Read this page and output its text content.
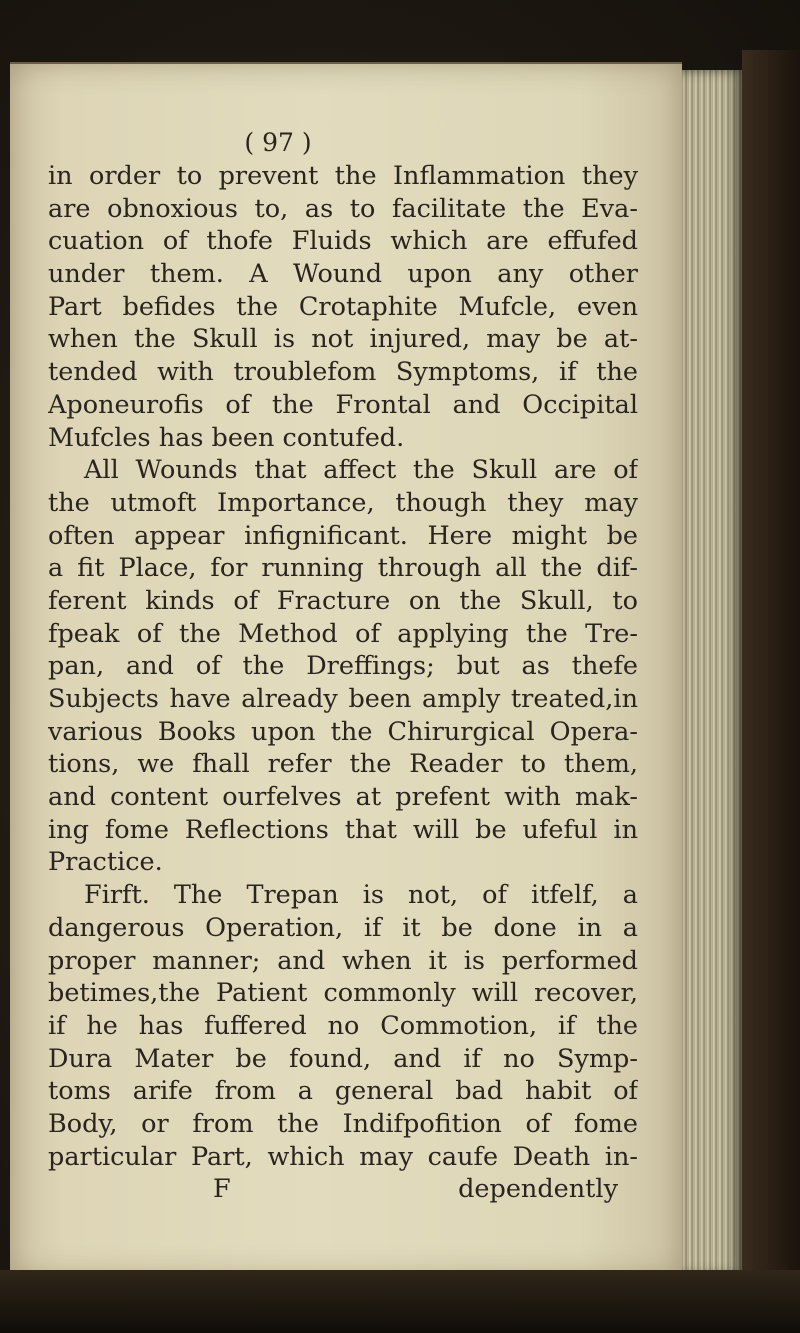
( 97 )
in order to prevent the Inflammation they
are obnoxious to, as to facilitate the Eva-
cuation of thofe Fluids which are effufed
under them. A Wound upon any other
Part befides the Crotaphite Mufcle, even
when the Skull is not injured, may be at-
tended with troublefom Symptoms, if the
Aponeurofis of the Frontal and Occipital
Mufcles has been contufed.
All Wounds that affect the Skull are of
the utmoft Importance, though they may
often appear infignificant. Here might be
a fit Place, for running through all the dif-
ferent kinds of Fracture on the Skull, to
fpeak of the Method of applying the Tre-
pan, and of the Dreffings; but as thefe
Subjects have already been amply treated,in
various Books upon the Chirurgical Opera-
tions, we fhall refer the Reader to them,
and content ourfelves at prefent with mak-
ing fome Reflections that will be ufeful in
Practice.
Firft. The Trepan is not, of itfelf, a
dangerous Operation, if it be done in a
proper manner; and when it is performed
betimes,the Patient commonly will recover,
if he has fuffered no Commotion, if the
Dura Mater be found, and if no Symp-
toms arife from a general bad habit of
Body, or from the Indifpofition of fome
particular Part, which may caufe Death in-
F	dependently
